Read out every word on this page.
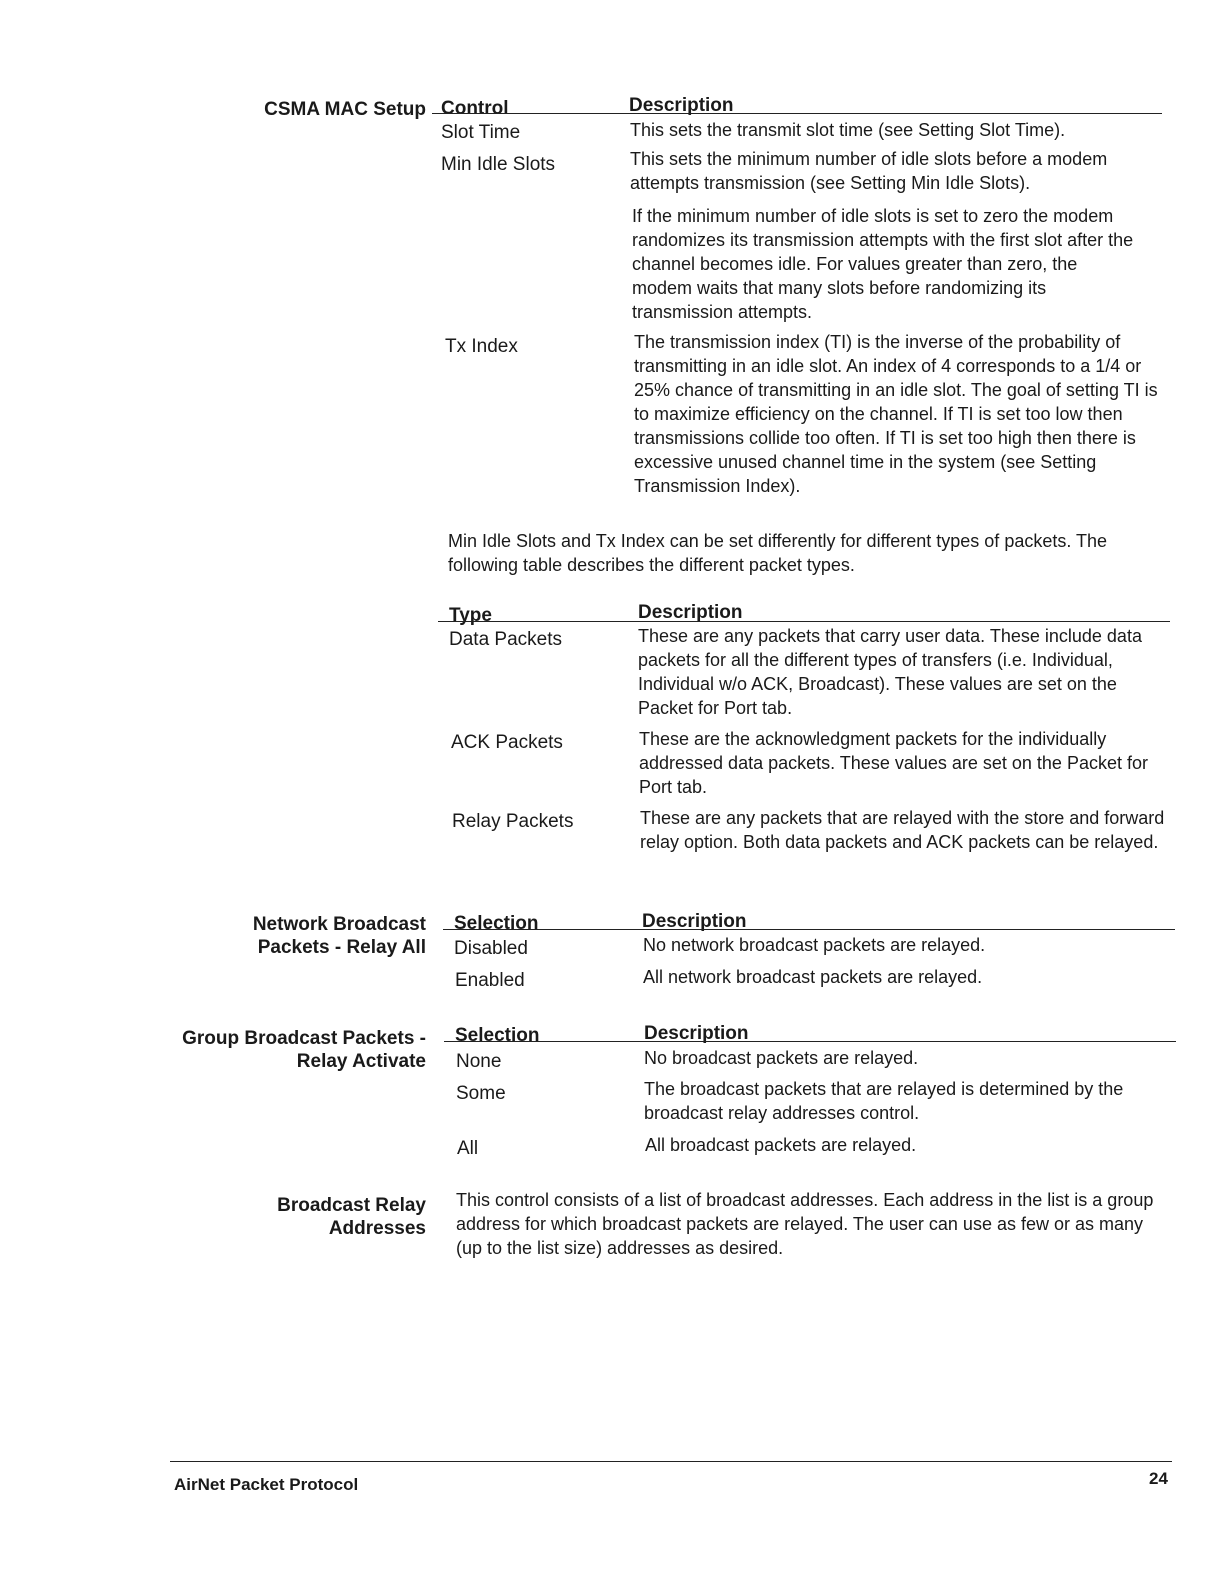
CSMA MAC Setup Control	Description
Slot Time	This sets the transmit slot time (see Setting Slot Time).
Min Idle Slots	This sets the minimum number of idle slots before a modem attempts transmission (see Setting Min Idle Slots).
If the minimum number of idle slots is set to zero the modem randomizes its transmission attempts with the first slot after the channel becomes idle. For values greater than zero, the modem waits that many slots before randomizing its transmission attempts.
Tx Index	The transmission index (TI) is the inverse of the probability of transmitting in an idle slot. An index of 4 corresponds to a 1/4 or 25% chance of transmitting in an idle slot. The goal of setting TI is to maximize efficiency on the channel. If TI is set too low then transmissions collide too often. If TI is set too high then there is excessive unused channel time in the system (see Setting Transmission Index).
Min Idle Slots and Tx Index can be set differently for different types of packets. The following table describes the different packet types.
Type	Description
Data Packets	These are any packets that carry user data. These include data packets for all the different types of transfers (i.e. Individual, Individual w/o ACK, Broadcast). These values are set on the Packet for Port tab.
ACK Packets	These are the acknowledgment packets for the individually addressed data packets. These values are set on the Packet for Port tab.
Relay Packets	These are any packets that are relayed with the store and forward relay option. Both data packets and ACK packets can be relayed.
Network Broadcast
Packets - Relay All
Selection	Description
Disabled	No network broadcast packets are relayed.
Enabled	All network broadcast packets are relayed.
Group Broadcast Packets -
Relay Activate
Selection	Description
None	No broadcast packets are relayed.
Some	The broadcast packets that are relayed is determined by the broadcast relay addresses control.
All	All broadcast packets are relayed.
Broadcast Relay
Addresses
This control consists of a list of broadcast addresses. Each address in the list is a group address for which broadcast packets are relayed. The user can use as few or as many (up to the list size) addresses as desired.
AirNet Packet Protocol	24
